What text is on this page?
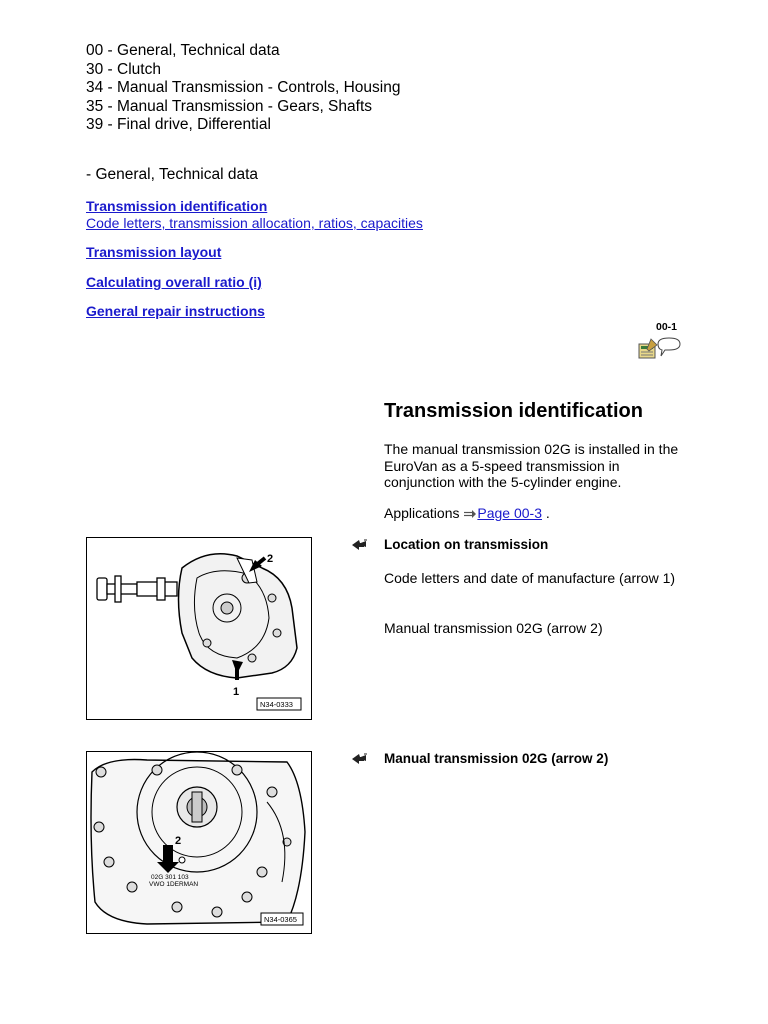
00 - General, Technical data
30 - Clutch
34 - Manual Transmission - Controls, Housing
35 - Manual Transmission - Gears, Shafts
39 - Final drive, Differential
- General, Technical data
Transmission identification
Code letters, transmission allocation, ratios, capacities
Transmission layout
Calculating overall ratio (i)
General repair instructions
00-1
Transmission identification
The manual transmission 02G is installed in the EuroVan as a 5-speed transmission in conjunction with the 5-cylinder engine.
Applications Page 00-3 .
Location on transmission
Code letters and date of manufacture (arrow 1)
Manual transmission 02G (arrow 2)
Manual transmission 02G (arrow 2)
2
1
N34-0333
2
02G 301 103
VWO 1DERMAN
N34-0365
